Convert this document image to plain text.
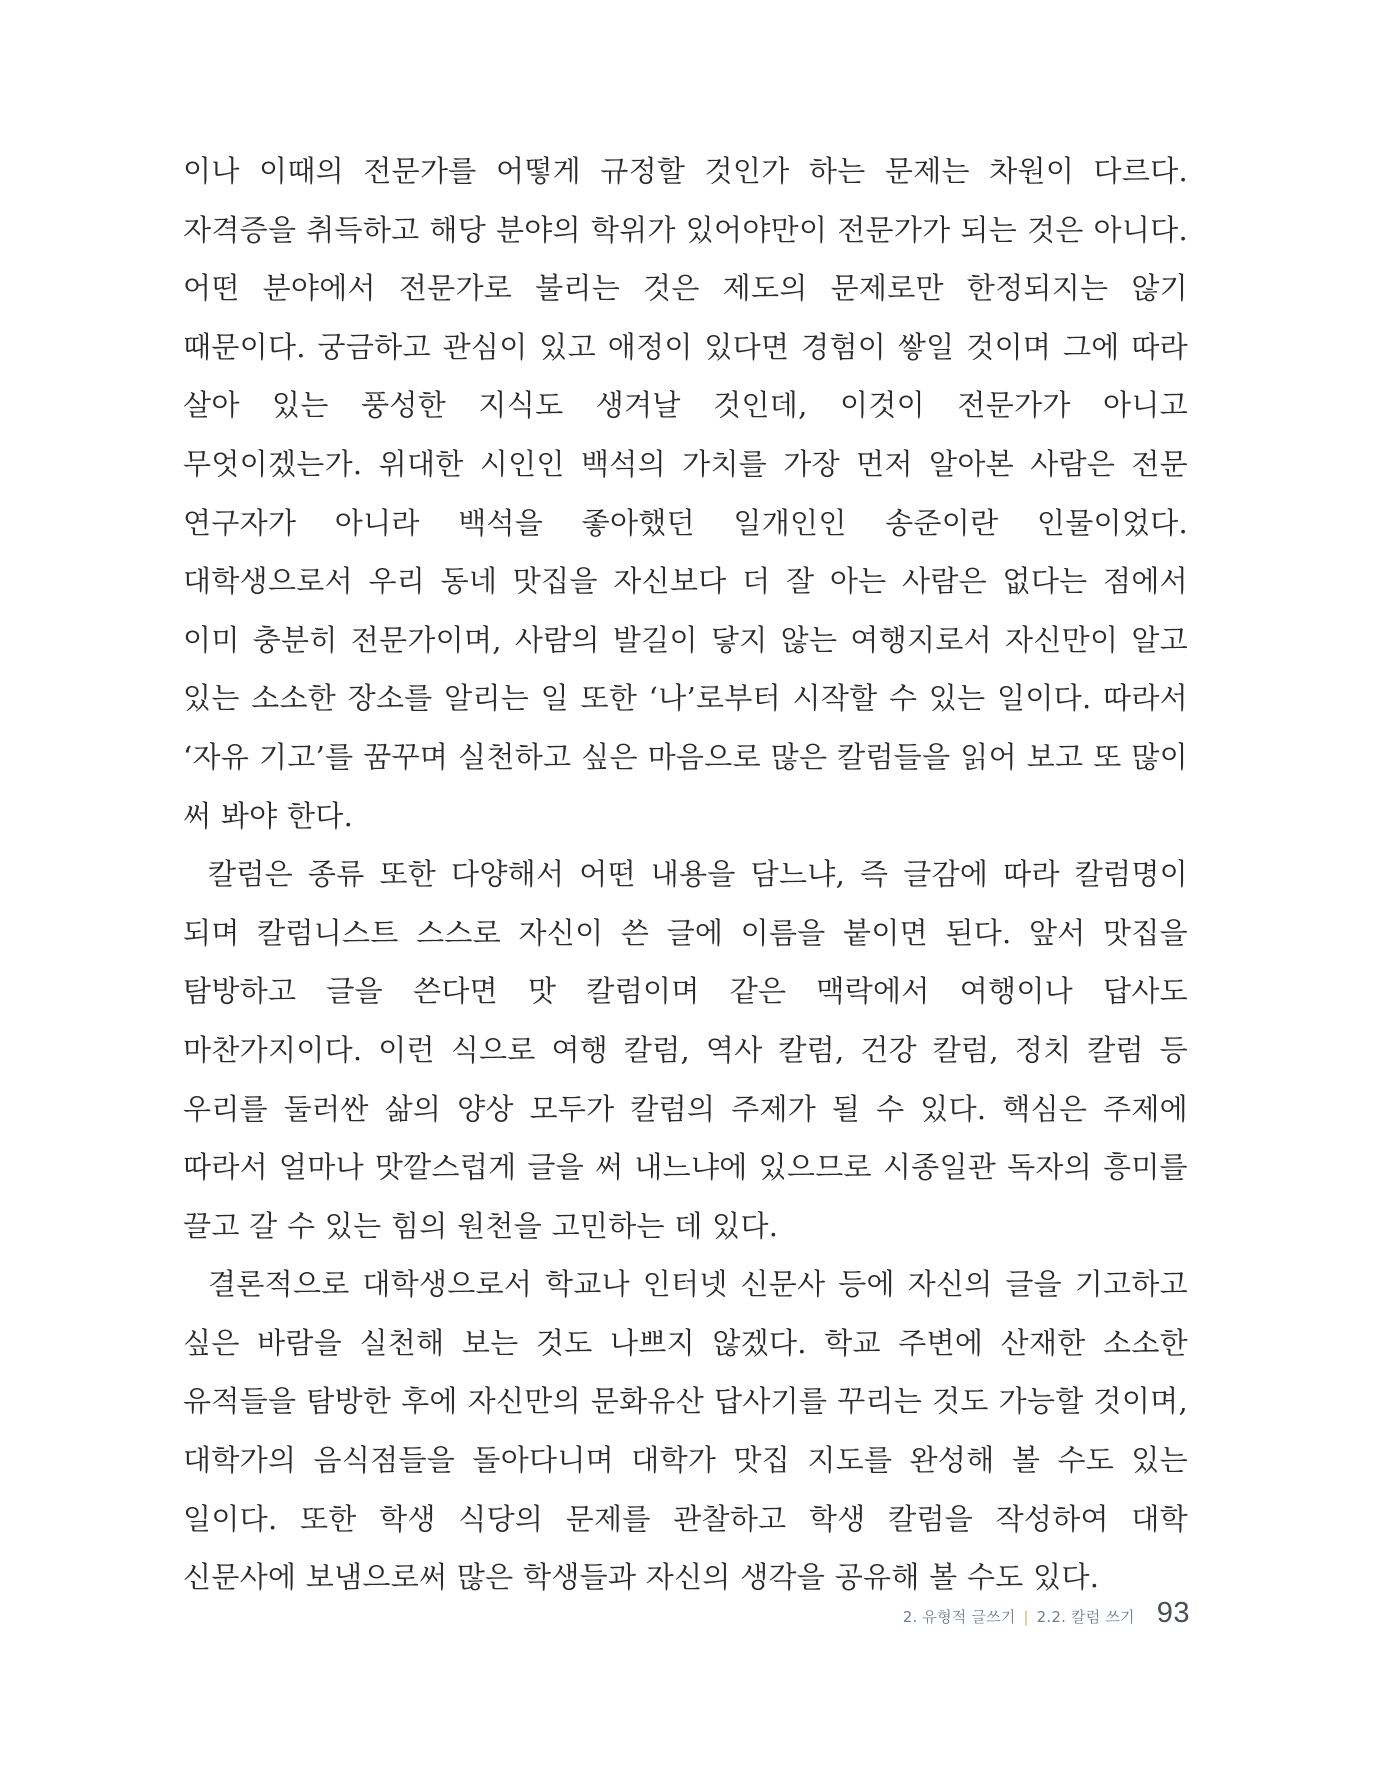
이나 이때의 전문가를 어떻게 규정할 것인가 하는 문제는 차원이 다르다. 자격증을 취득하고 해당 분야의 학위가 있어야만이 전문가가 되는 것은 아니다. 어떤 분야에서 전문가로 불리는 것은 제도의 문제로만 한정되지는 않기 때문이다. 궁금하고 관심이 있고 애정이 있다면 경험이 쌓일 것이며 그에 따라 살아 있는 풍성한 지식도 생겨날 것인데, 이것이 전문가가 아니고 무엇이겠는가. 위대한 시인인 백석의 가치를 가장 먼저 알아본 사람은 전문 연구자가 아니라 백석을 좋아했던 일개인인 송준이란 인물이었다. 대학생으로서 우리 동네 맛집을 자신보다 더 잘 아는 사람은 없다는 점에서 이미 충분히 전문가이며, 사람의 발길이 닿지 않는 여행지로서 자신만이 알고 있는 소소한 장소를 알리는 일 또한 ‘나’로부터 시작할 수 있는 일이다. 따라서 ‘자유 기고’를 꿈꾸며 실천하고 싶은 마음으로 많은 칼럼들을 읽어 보고 또 많이 써 봐야 한다.

칼럼은 종류 또한 다양해서 어떤 내용을 담느냐, 즉 글감에 따라 칼럼명이 되며 칼럼니스트 스스로 자신이 쓴 글에 이름을 붙이면 된다. 앞서 맛집을 탐방하고 글을 쓴다면 맛 칼럼이며 같은 맥락에서 여행이나 답사도 마찬가지이다. 이런 식으로 여행 칼럼, 역사 칼럼, 건강 칼럼, 정치 칼럼 등 우리를 둘러싼 삶의 양상 모두가 칼럼의 주제가 될 수 있다. 핵심은 주제에 따라서 얼마나 맛깔스럽게 글을 써 내느냐에 있으므로 시종일관 독자의 흥미를 끌고 갈 수 있는 힘의 원천을 고민하는 데 있다.

결론적으로 대학생으로서 학교나 인터넷 신문사 등에 자신의 글을 기고하고 싶은 바람을 실천해 보는 것도 나쁘지 않겠다. 학교 주변에 산재한 소소한 유적들을 탐방한 후에 자신만의 문화유산 답사기를 꾸리는 것도 가능할 것이며, 대학가의 음식점들을 돌아다니며 대학가 맛집 지도를 완성해 볼 수도 있는 일이다. 또한 학생 식당의 문제를 관찰하고 학생 칼럼을 작성하여 대학 신문사에 보냄으로써 많은 학생들과 자신의 생각을 공유해 볼 수도 있다.

2. 유형적 글쓰기 | 2.2. 칼럼 쓰기 93
